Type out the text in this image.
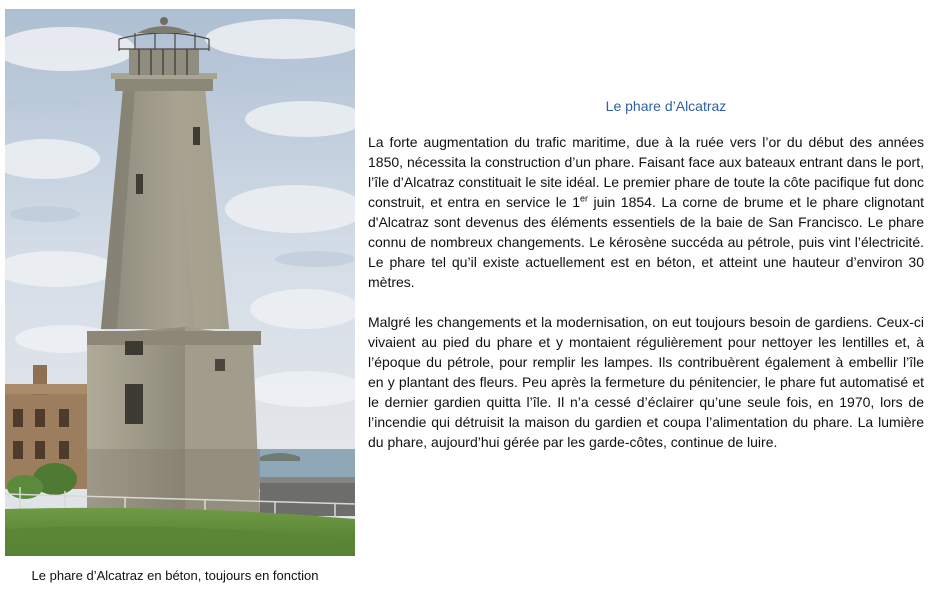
Le phare d’Alcatraz en béton, toujours en fonction
Le phare d’Alcatraz

La forte augmentation du trafic maritime, due à la ruée vers l’or du début des années 1850, nécessita la construction d’un phare. Faisant face aux bateaux entrant dans le port, l’île d’Alcatraz constituait le site idéal. Le premier phare de toute la côte pacifique fut donc construit, et entra en service le 1er juin 1854. La corne de brume et le phare clignotant d'Alcatraz sont devenus des éléments essentiels de la baie de San Francisco. Le phare connu de nombreux changements. Le kérosène succéda au pétrole, puis vint l’électricité. Le phare tel qu’il existe actuellement est en béton, et atteint une hauteur d’environ 30 mètres.

Malgré les changements et la modernisation, on eut toujours besoin de gardiens. Ceux-ci vivaient au pied du phare et y montaient régulièrement pour nettoyer les lentilles et, à l’époque du pétrole, pour remplir les lampes. Ils contribuèrent également à embellir l’île en y plantant des fleurs. Peu après la fermeture du pénitencier, le phare fut automatisé et le dernier gardien quitta l’île. Il n’a cessé d’éclairer qu’une seule fois, en 1970, lors de l’incendie qui détruisit la maison du gardien et coupa l’alimentation du phare. La lumière du phare, aujourd’hui gérée par les garde-côtes, continue de luire.
